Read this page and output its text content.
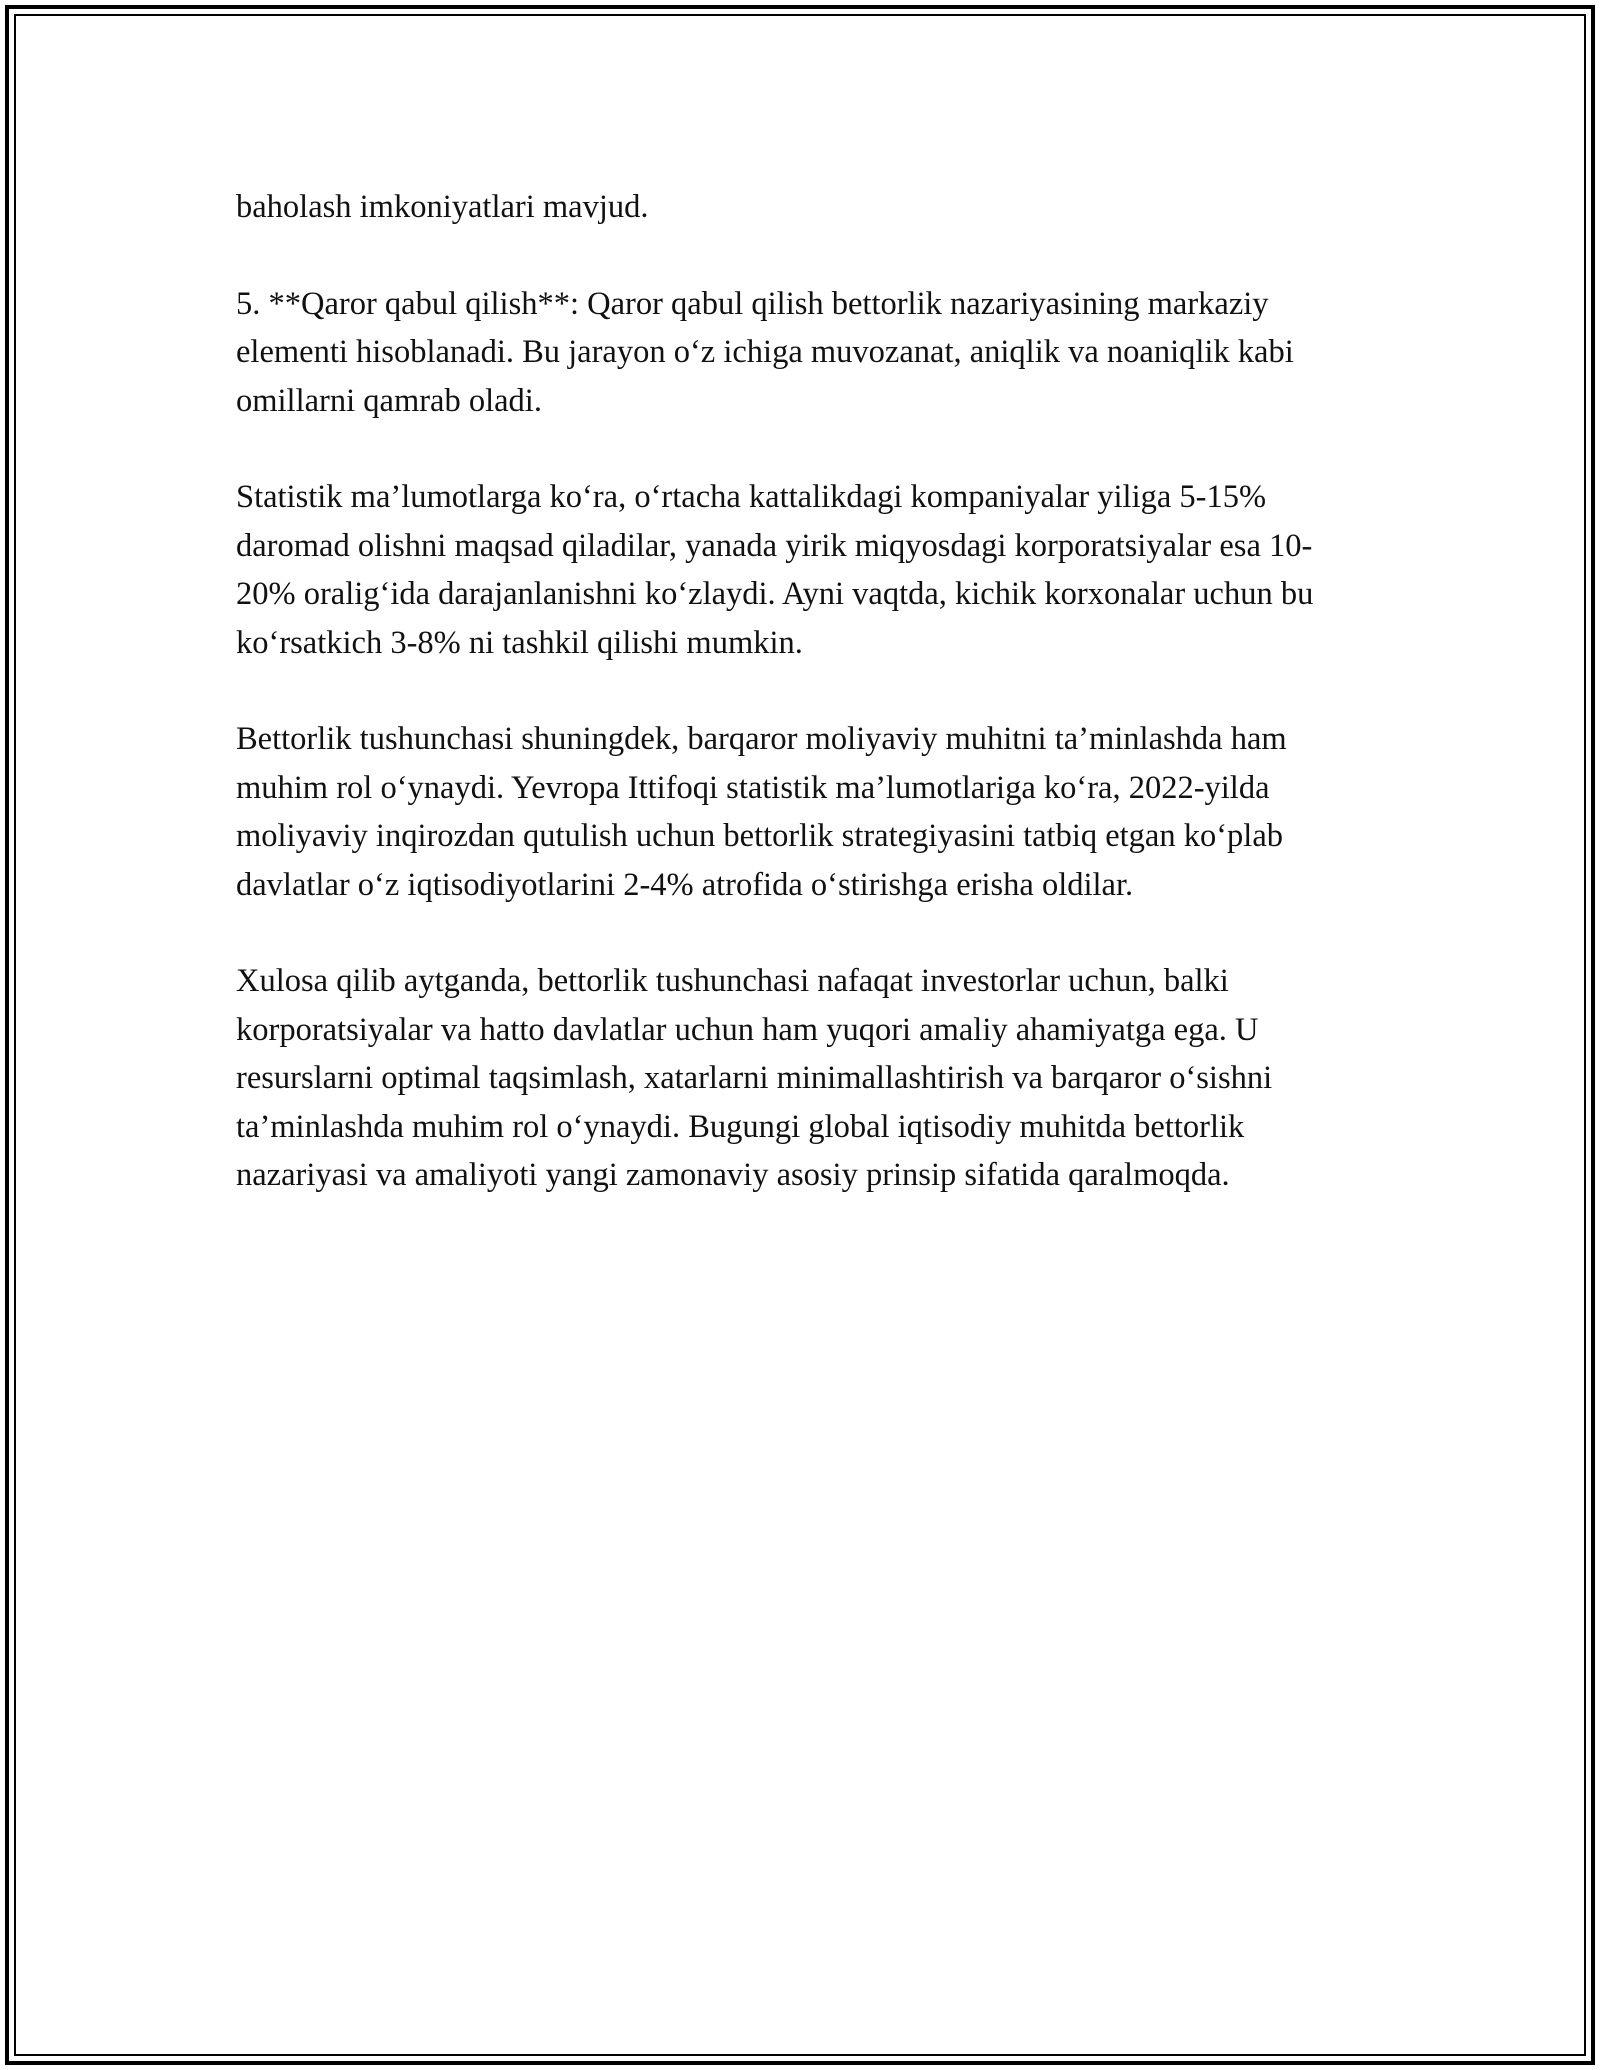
baholash imkoniyatlari mavjud.

5. **Qaror qabul qilish**: Qaror qabul qilish bettorlik nazariyasining markaziy elementi hisoblanadi. Bu jarayon o‘z ichiga muvozanat, aniqlik va noaniqlik kabi omillarni qamrab oladi.

Statistik ma’lumotlarga ko‘ra, o‘rtacha kattalikdagi kompaniyalar yiliga 5-15% daromad olishni maqsad qiladilar, yanada yirik miqyosdagi korporatsiyalar esa 10-20% oralig‘ida darajanlanishni ko‘zlaydi. Ayni vaqtda, kichik korxonalar uchun bu ko‘rsatkich 3-8% ni tashkil qilishi mumkin.

Bettorlik tushunchasi shuningdek, barqaror moliyaviy muhitni ta’minlashda ham muhim rol o‘ynaydi. Yevropa Ittifoqi statistik ma’lumotlariga ko‘ra, 2022-yilda moliyaviy inqirozdan qutulish uchun bettorlik strategiyasini tatbiq etgan ko‘plab davlatlar o‘z iqtisodiyotlarini 2-4% atrofida o‘stirishga erisha oldilar.

Xulosa qilib aytganda, bettorlik tushunchasi nafaqat investorlar uchun, balki korporatsiyalar va hatto davlatlar uchun ham yuqori amaliy ahamiyatga ega. U resurslarni optimal taqsimlash, xatarlarni minimallashtirish va barqaror o‘sishni ta’minlashda muhim rol o‘ynaydi. Bugungi global iqtisodiy muhitda bettorlik nazariyasi va amaliyoti yangi zamonaviy asosiy prinsip sifatida qaralmoqda.
